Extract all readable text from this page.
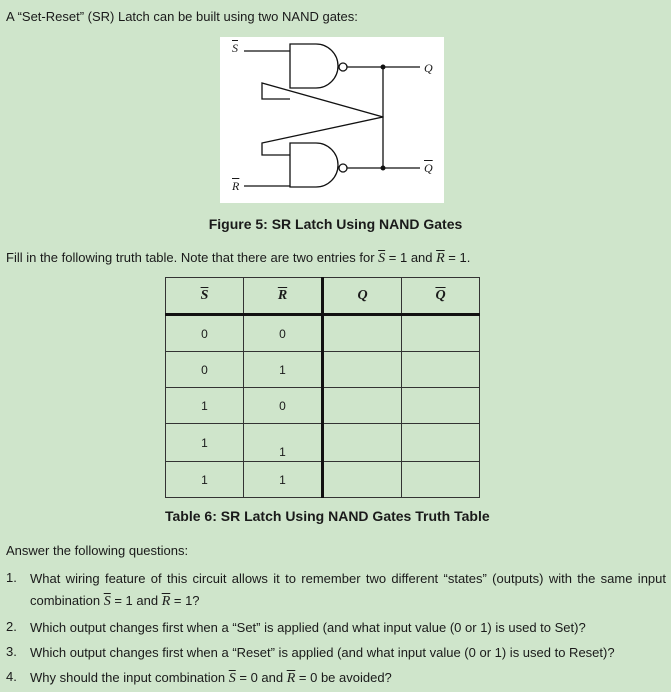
A “Set-Reset” (SR) Latch can be built using two NAND gates:
$\overline{S}$
$\overline{R}$
Q
$\overline{Q}$
Figure 5: SR Latch Using NAND Gates
Fill in the following truth table. Note that there are two entries for $\overline{S} = 1$ and $\overline{R} = 1$.
$\overline{S}$	$\overline{R}$	Q	$\overline{Q}$
0	0		
0	1		
1	0		
1	1		
1	1		
Table 6: SR Latch Using NAND Gates Truth Table
Answer the following questions:
1. What wiring feature of this circuit allows it to remember two different “states” (outputs) with the same input combination $\overline{S} = 1$ and $\overline{R} = 1$?
2. Which output changes first when a “Set” is applied (and what input value (0 or 1) is used to Set)?
3. Which output changes first when a “Reset” is applied (and what input value (0 or 1) is used to Reset)?
4. Why should the input combination $\overline{S} = 0$ and $\overline{R} = 0$ be avoided?
